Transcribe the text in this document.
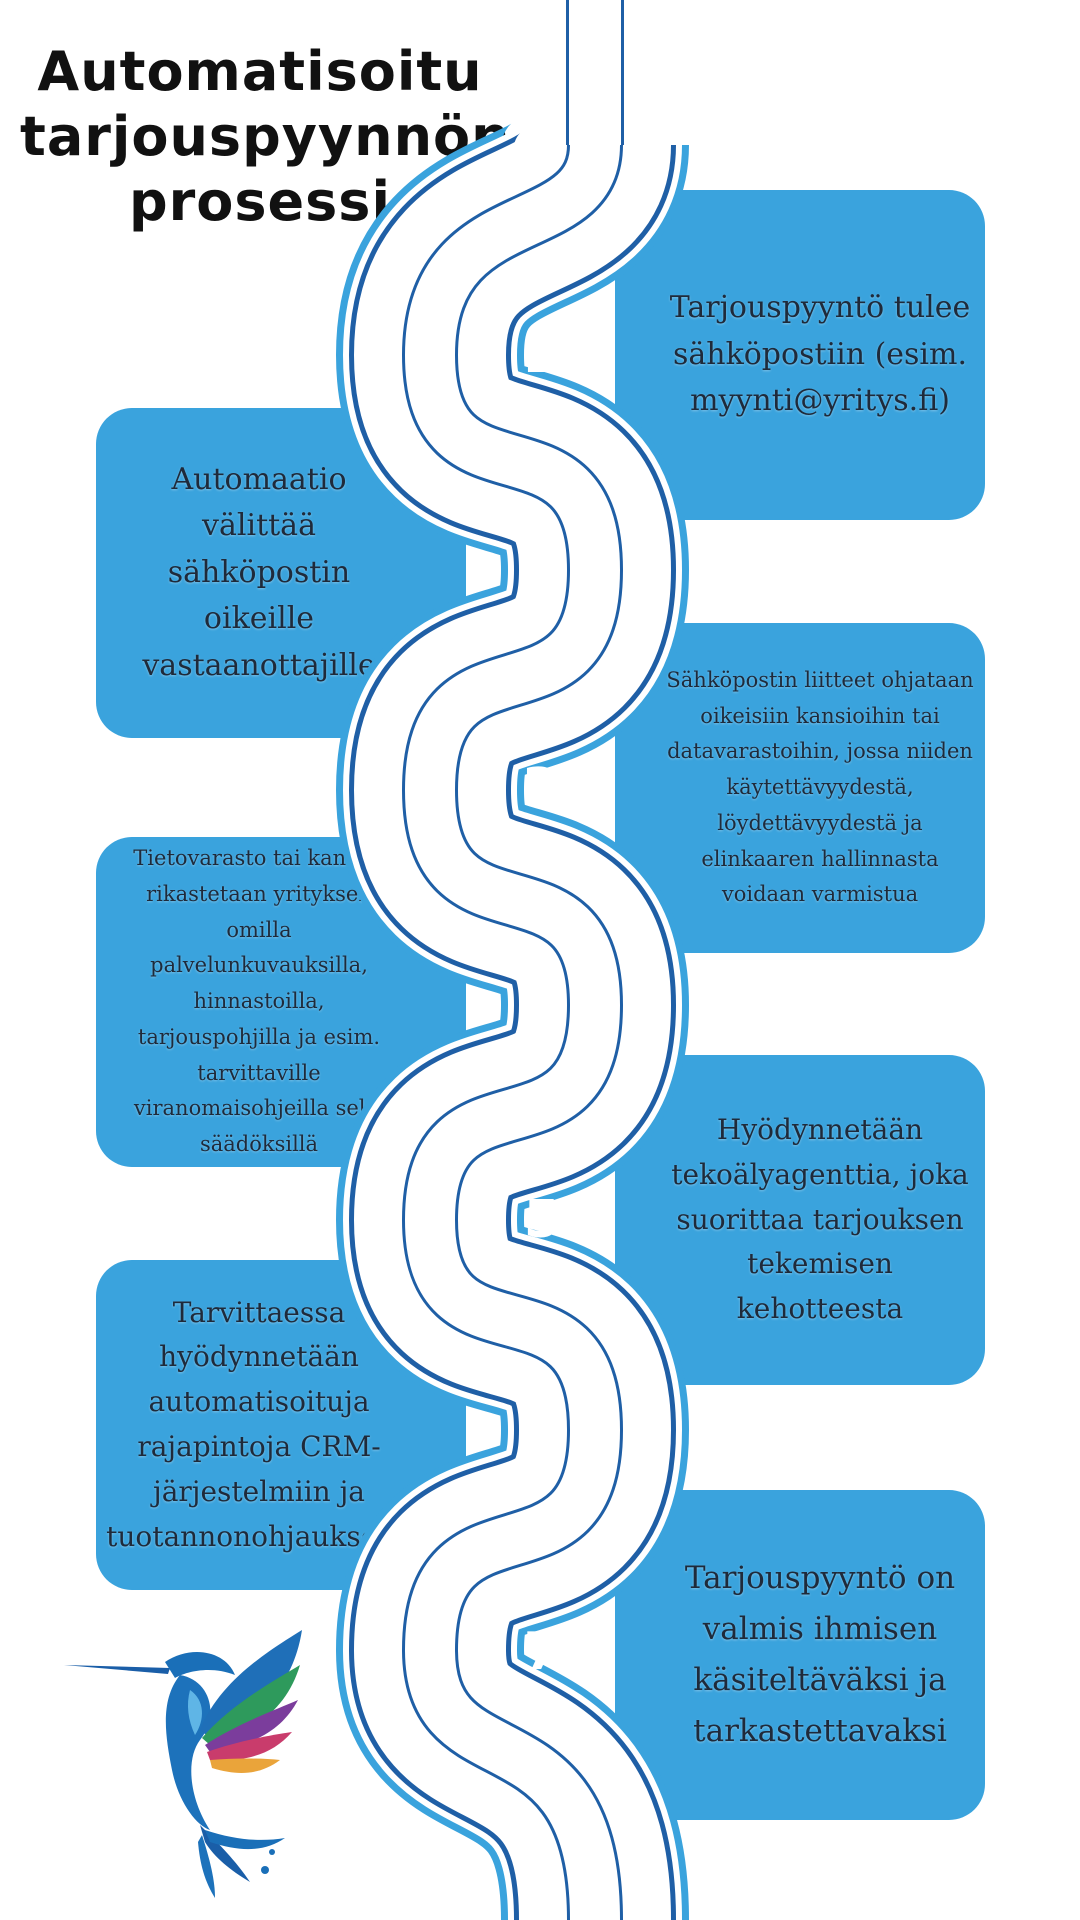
Automatisoitu
tarjouspyynnön
prosessi
Tarjouspyyntö tulee sähköpostiin (esim. myynti@yritys.fi)
Automaatio välittää sähköpostin oikeille vastaanottajille	Sähköpostin liitteet ohjataan oikeisiin kansioihin tai datavarastoihin, jossa niiden käytettävyydestä, löydettävyydestä ja elinkaaren hallinnasta voidaan varmistua
Tietovarasto tai kansiot rikastetaan yrityksen omilla palvelunkuvauksilla, hinnastoilla, tarjouspohjilla ja esim. tarvittaville viranomaisohjeilla sekä säädöksillä	Hyödynnetään tekoälyagenttia, joka suorittaa tarjouksen tekemisen kehotteesta
Tarvittaessa hyödynnetään automatisoituja rajapintoja CRM-järjestelmiin ja tuotannonohjaukseen
Tarjouspyyntö on valmis ihmisen käsiteltäväksi ja tarkastettavaksi
1
2
3
4
5
6
7
